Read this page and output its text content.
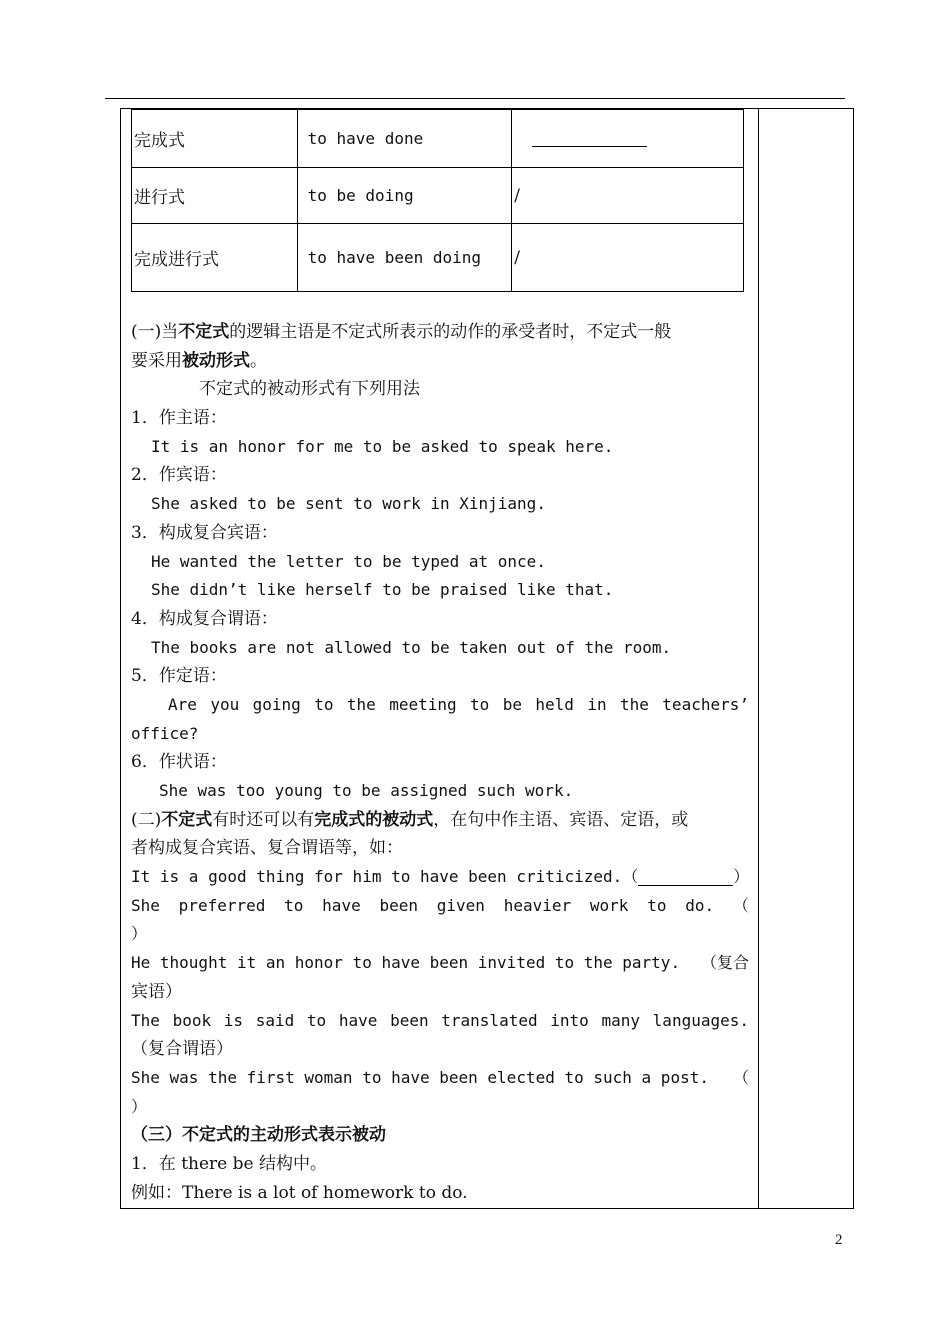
完成式	to have done	
进行式	to be doing	/
完成进行式	to have been doing	/
(一)当不定式的逻辑主语是不定式所表示的动作的承受者时，不定式一般
要采用被动形式。
不定式的被动形式有下列用法
1．作主语：
It is an honor for me to be asked to speak here.
2．作宾语：
She asked to be sent to work in Xinjiang.
3．构成复合宾语：
He wanted the letter to be typed at once.
She didn’t like herself to be praised like that.
4．构成复合谓语：
The books are not allowed to be taken out of the room.
5．作定语：
Are you going to the meeting to be held in the teachers’
office?
6．作状语：
She was too young to be assigned such work.
(二)不定式有时还可以有完成式的被动式，在句中作主语、宾语、定语，或
者构成复合宾语、复合谓语等，如：
It is a good thing for him to have been criticized.（	）
She preferred to have been given heavier work to do. （
）
He thought it an honor to have been invited to the party. （复合
宾语）
The book is said to have been translated into many languages.
（复合谓语）
She was the first woman to have been elected to such a post. （
）
（三）不定式的主动形式表示被动
1．在 there be 结构中。
例如：There is a lot of homework to do.
2
